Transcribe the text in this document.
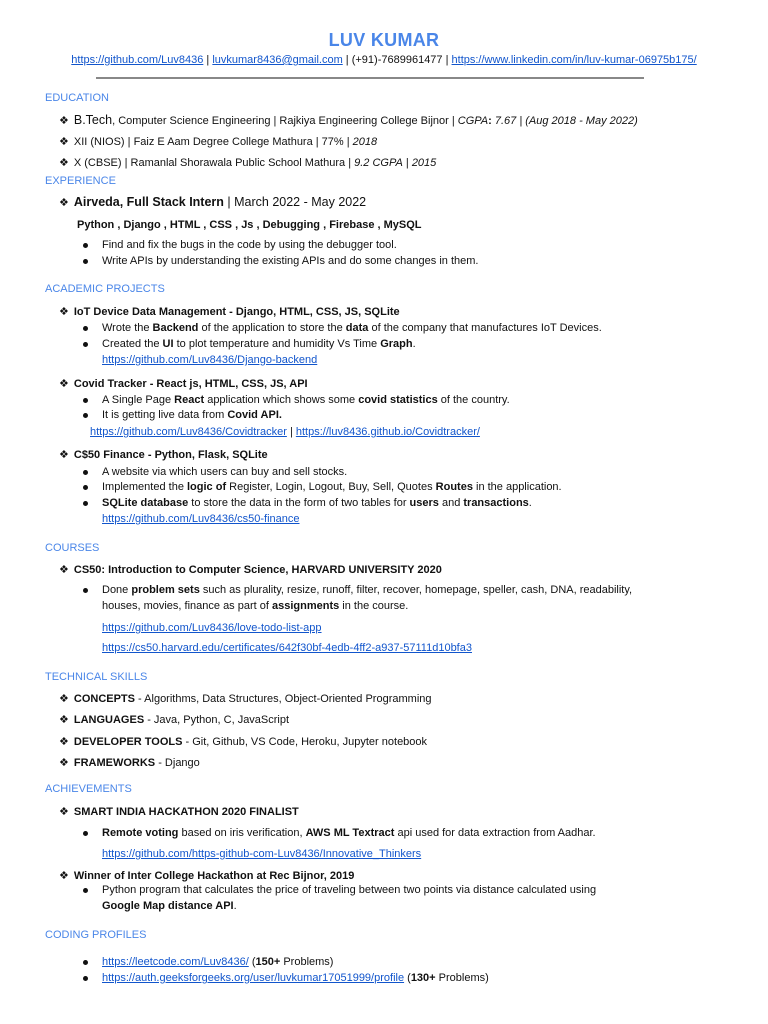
LUV KUMAR
https://github.com/Luv8436 | luvkumar8436@gmail.com | (+91)-7689961477 | https://www.linkedin.com/in/luv-kumar-06975b175/
EDUCATION
❖ B.Tech, Computer Science Engineering | Rajkiya Engineering College Bijnor | CGPA: 7.67 | (Aug 2018 - May 2022)
❖ XII (NIOS) | Faiz E Aam Degree College Mathura | 77% | 2018
❖ X (CBSE) | Ramanlal Shorawala Public School Mathura | 9.2 CGPA | 2015
EXPERIENCE
❖ Airveda, Full Stack Intern | March 2022 - May 2022
Python , Django , HTML , CSS , Js , Debugging , Firebase , MySQL
Find and fix the bugs in the code by using the debugger tool.
Write APIs by understanding the existing APIs and do some changes in them.
ACADEMIC PROJECTS
❖ IoT Device Data Management - Django, HTML, CSS, JS, SQLite
Wrote the Backend of the application to store the data of the company that manufactures IoT Devices.
Created the UI to plot temperature and humidity Vs Time Graph.
https://github.com/Luv8436/Django-backend
❖ Covid Tracker - React js, HTML, CSS, JS, API
A Single Page React application which shows some covid statistics of the country.
It is getting live data from Covid API.
https://github.com/Luv8436/Covidtracker | https://luv8436.github.io/Covidtracker/
❖ C$50 Finance - Python, Flask, SQLite
A website via which users can buy and sell stocks.
Implemented the logic of Register, Login, Logout, Buy, Sell, Quotes Routes in the application.
SQLite database to store the data in the form of two tables for users and transactions.
https://github.com/Luv8436/cs50-finance
COURSES
❖ CS50: Introduction to Computer Science, HARVARD UNIVERSITY 2020
Done problem sets such as plurality, resize, runoff, filter, recover, homepage, speller, cash, DNA, readability,
houses, movies, finance as part of assignments in the course.
https://github.com/Luv8436/love-todo-list-app
https://cs50.harvard.edu/certificates/642f30bf-4edb-4ff2-a937-57111d10bfa3
TECHNICAL SKILLS
❖ CONCEPTS - Algorithms, Data Structures, Object-Oriented Programming
❖ LANGUAGES - Java, Python, C, JavaScript
❖ DEVELOPER TOOLS - Git, Github, VS Code, Heroku, Jupyter notebook
❖ FRAMEWORKS - Django
ACHIEVEMENTS
❖ SMART INDIA HACKATHON 2020 FINALIST
Remote voting based on iris verification, AWS ML Textract api used for data extraction from Aadhar.
https://github.com/https-github-com-Luv8436/Innovative_Thinkers
❖ Winner of Inter College Hackathon at Rec Bijnor, 2019
Python program that calculates the price of traveling between two points via distance calculated using
Google Map distance API.
CODING PROFILES
https://leetcode.com/Luv8436/ (150+ Problems)
https://auth.geeksforgeeks.org/user/luvkumar17051999/profile (130+ Problems)
